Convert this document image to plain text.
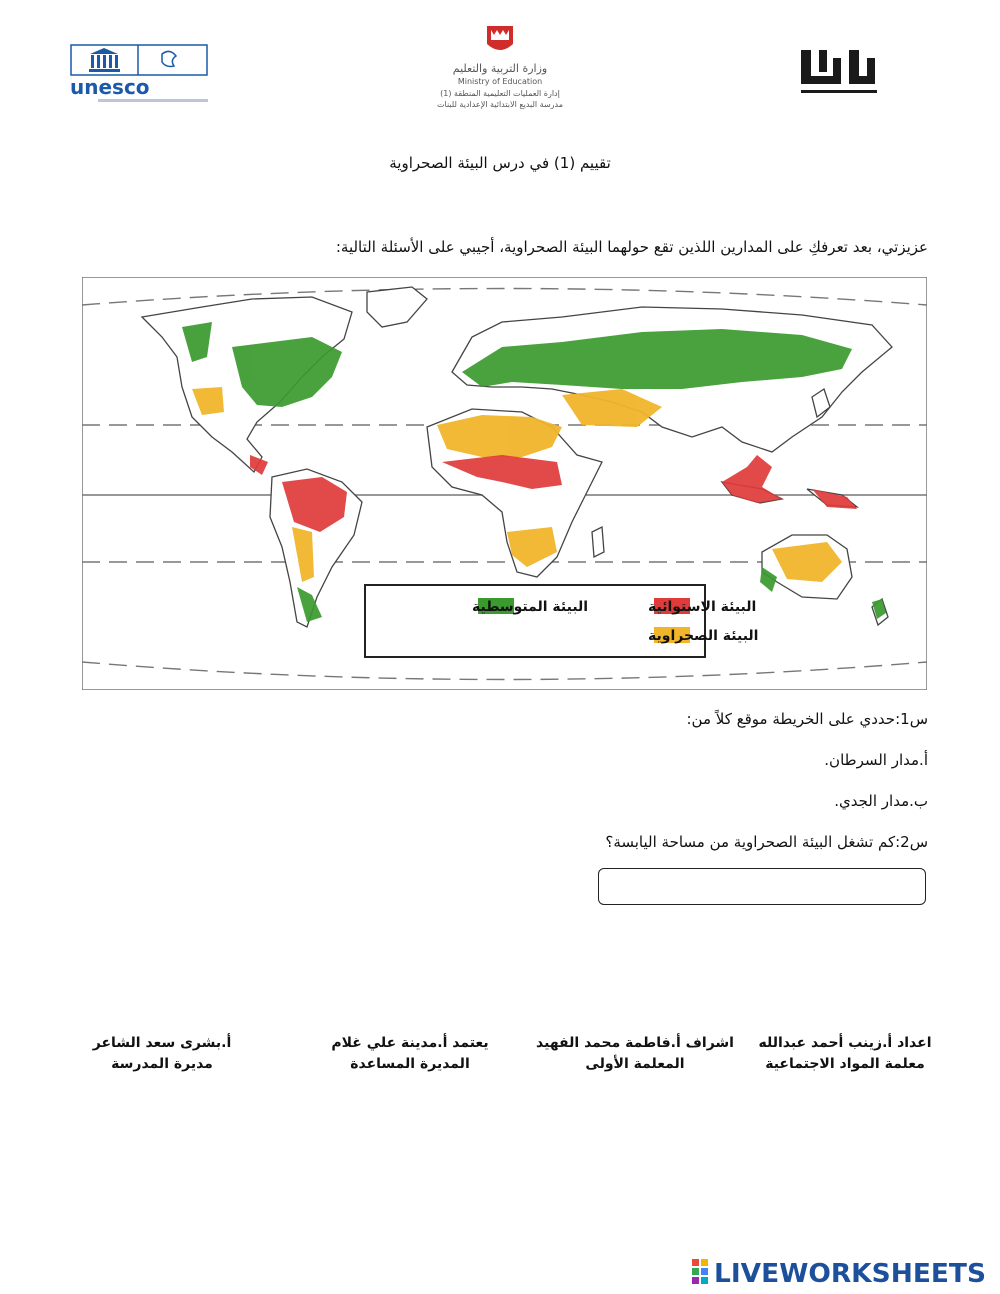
unesco
وزارة التربية والتعليم
Ministry of Education
إدارة العمليات التعليمية المنطقة (1)
مدرسة البديع الابتدائية الإعدادية للبنات
تقييم (1) في درس البيئة الصحراوية
عزيزتي، بعد تعرفكِ على المدارين اللذين تقع حولهما البيئة الصحراوية، أجيبي على الأسئلة التالية:
البيئة الاستوائية
البيئة المتوسطية
البيئة الصحراوية
س1:حددي على الخريطة موقع كلاً من:
أ.مدار السرطان.
ب.مدار الجدي.
س2:كم تشغل البيئة الصحراوية من مساحة اليابسة؟
اعداد أ.زينب أحمد عبدالله
معلمة المواد الاجتماعية
اشراف أ.فاطمة محمد الفهيد
المعلمة الأولى
يعتمد أ.مدينة علي غلام
المديرة المساعدة
أ.بشرى سعد الشاعر
مديرة المدرسة
LIVEWORKSHEETS
